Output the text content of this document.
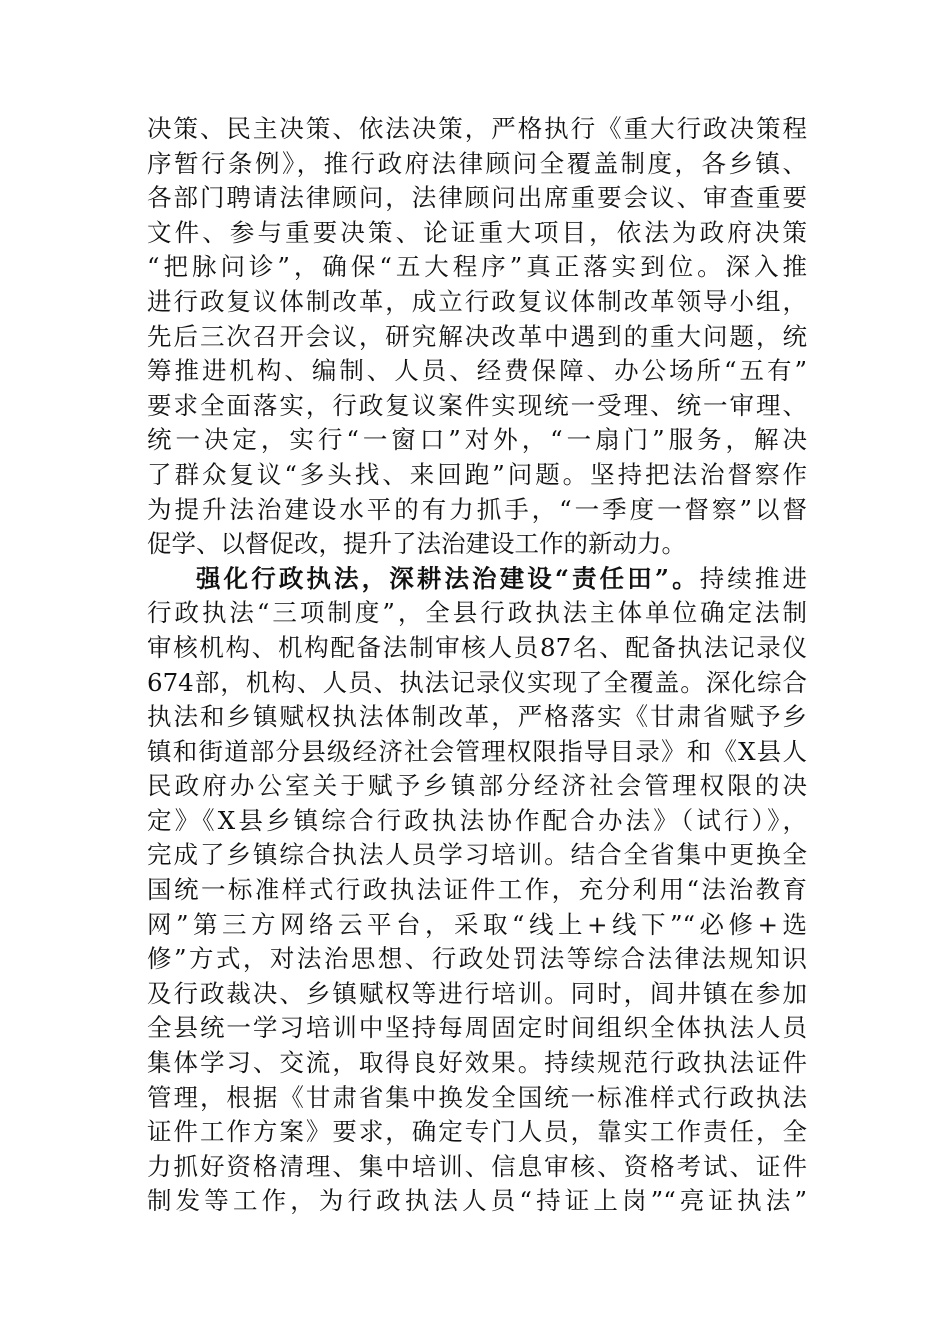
决策、民主决策、依法决策，严格执行《重大行政决策程
序暂行条例》，推行政府法律顾问全覆盖制度，各乡镇、
各部门聘请法律顾问，法律顾问出席重要会议、审查重要
文件、参与重要决策、论证重大项目，依法为政府决策
“把脉问诊”，确保“五大程序”真正落实到位。深入推
进行政复议体制改革，成立行政复议体制改革领导小组，
先后三次召开会议，研究解决改革中遇到的重大问题，统
筹推进机构、编制、人员、经费保障、办公场所“五有”
要求全面落实，行政复议案件实现统一受理、统一审理、
统一决定，实行“一窗口”对外，“一扇门”服务，解决
了群众复议“多头找、来回跑”问题。坚持把法治督察作
为提升法治建设水平的有力抓手，“一季度一督察”以督
促学、以督促改，提升了法治建设工作的新动力。
强化行政执法，深耕法治建设“责任田”。持续推进
行政执法“三项制度”，全县行政执法主体单位确定法制
审核机构、机构配备法制审核人员87名、配备执法记录仪
674部，机构、人员、执法记录仪实现了全覆盖。深化综合
执法和乡镇赋权执法体制改革，严格落实《甘肃省赋予乡
镇和街道部分县级经济社会管理权限指导目录》和《X县人
民政府办公室关于赋予乡镇部分经济社会管理权限的决
定》《X县乡镇综合行政执法协作配合办法》（试行）》，
完成了乡镇综合执法人员学习培训。结合全省集中更换全
国统一标准样式行政执法证件工作，充分利用“法治教育
网”第三方网络云平台，采取“线上+线下”“必修+选
修”方式，对法治思想、行政处罚法等综合法律法规知识
及行政裁决、乡镇赋权等进行培训。同时，闾井镇在参加
全县统一学习培训中坚持每周固定时间组织全体执法人员
集体学习、交流，取得良好效果。持续规范行政执法证件
管理，根据《甘肃省集中换发全国统一标准样式行政执法
证件工作方案》要求，确定专门人员，靠实工作责任，全
力抓好资格清理、集中培训、信息审核、资格考试、证件
制发等工作，为行政执法人员“持证上岗”“亮证执法”
